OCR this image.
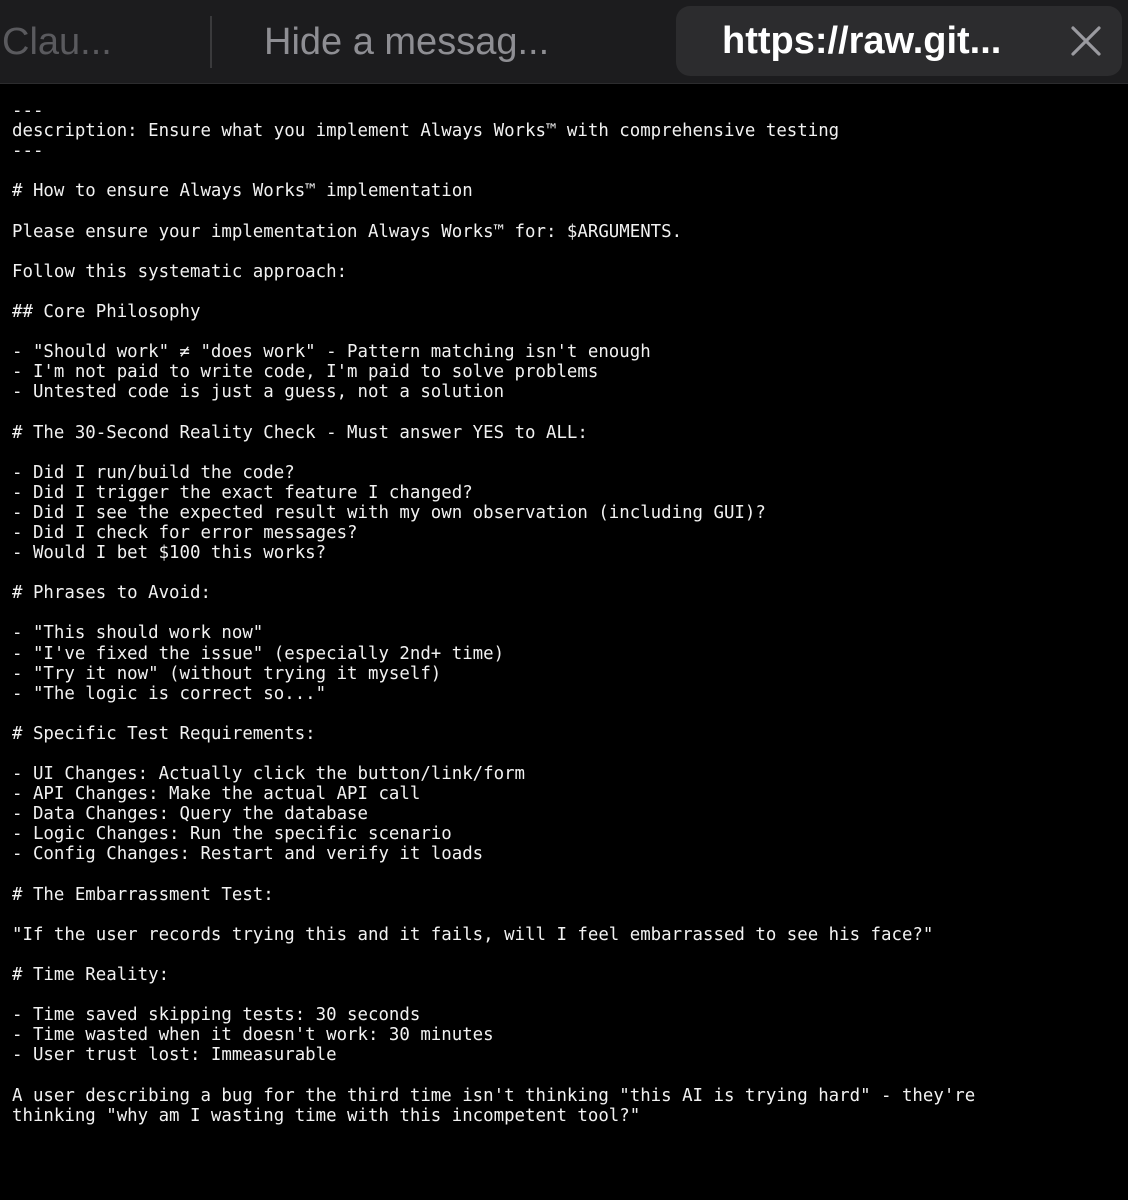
Clau...	Hide a messag...	https://raw.git...
---
description: Ensure what you implement Always Works™ with comprehensive testing
---
# How to ensure Always Works™ implementation
Please ensure your implementation Always Works™ for: $ARGUMENTS.
Follow this systematic approach:
## Core Philosophy
- "Should work" ≠ "does work" - Pattern matching isn't enough
- I'm not paid to write code, I'm paid to solve problems
- Untested code is just a guess, not a solution
# The 30-Second Reality Check - Must answer YES to ALL:
- Did I run/build the code?
- Did I trigger the exact feature I changed?
- Did I see the expected result with my own observation (including GUI)?
- Did I check for error messages?
- Would I bet $100 this works?
# Phrases to Avoid:
- "This should work now"
- "I've fixed the issue" (especially 2nd+ time)
- "Try it now" (without trying it myself)
- "The logic is correct so..."
# Specific Test Requirements:
- UI Changes: Actually click the button/link/form
- API Changes: Make the actual API call
- Data Changes: Query the database
- Logic Changes: Run the specific scenario
- Config Changes: Restart and verify it loads
# The Embarrassment Test:
"If the user records trying this and it fails, will I feel embarrassed to see his face?"
# Time Reality:
- Time saved skipping tests: 30 seconds
- Time wasted when it doesn't work: 30 minutes
- User trust lost: Immeasurable
A user describing a bug for the third time isn't thinking "this AI is trying hard" - they're
thinking "why am I wasting time with this incompetent tool?"
